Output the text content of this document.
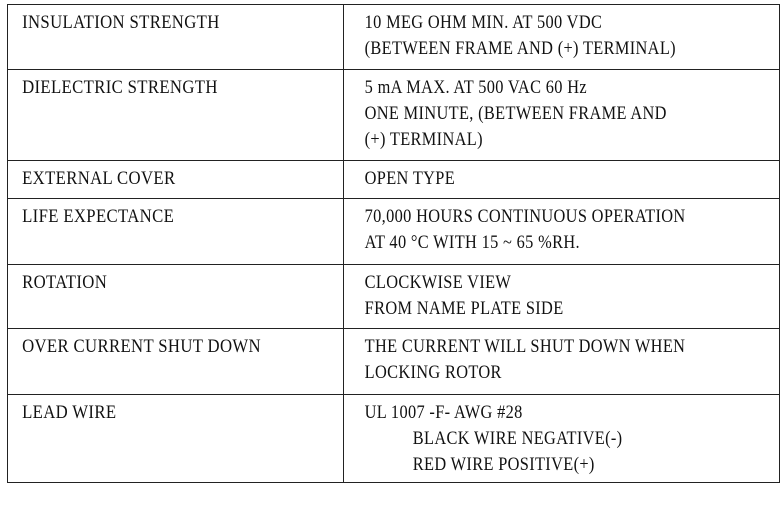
INSULATION STRENGTH	10 MEG OHM MIN. AT 500 VDC
(BETWEEN FRAME AND (+) TERMINAL)

DIELECTRIC STRENGTH	5 mA MAX. AT 500 VAC 60 Hz
ONE MINUTE, (BETWEEN FRAME AND
(+) TERMINAL)

EXTERNAL COVER	OPEN TYPE

LIFE EXPECTANCE	70,000 HOURS CONTINUOUS OPERATION
AT 40 °C WITH 15 ~ 65 %RH.

ROTATION	CLOCKWISE VIEW
FROM NAME PLATE SIDE

OVER CURRENT SHUT DOWN	THE CURRENT WILL SHUT DOWN WHEN
LOCKING ROTOR

LEAD WIRE	UL 1007 -F- AWG #28
BLACK WIRE NEGATIVE(-)
RED WIRE POSITIVE(+)
